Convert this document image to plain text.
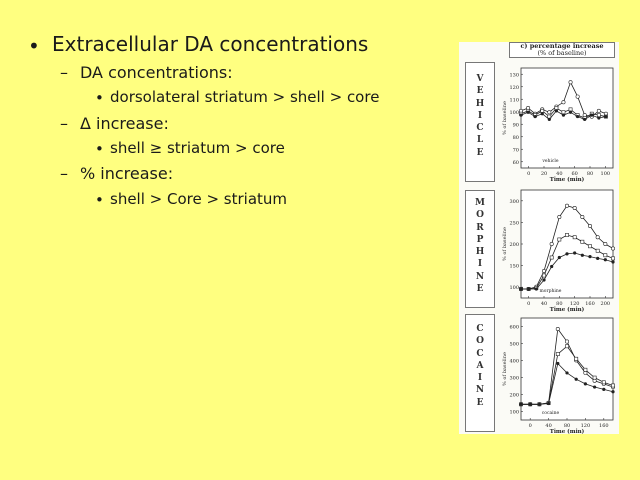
• Extracellular DA concentrations
– DA concentrations:
• dorsolateral striatum > shell > core
– Δ increase:
• shell ≥ striatum > core
– % increase:
• shell > Core > striatum
c) percentage increase
(% of baseline)
V
E
H
I
C
L
E
M
O
R
P
H
I
N
E
C
O
C
A
I
N
E
60
70
80
90
100
110
120
130
0 20 40 60 80 100
Time (min)
% of baseline
vehicle
100
150
200
250
300
0 40 80 120 160 200
Time (min)
% of baseline
morphine
100
200
300
400
500
600
0	40 80 120 160
Time (min)
% of baseline
cocaine
